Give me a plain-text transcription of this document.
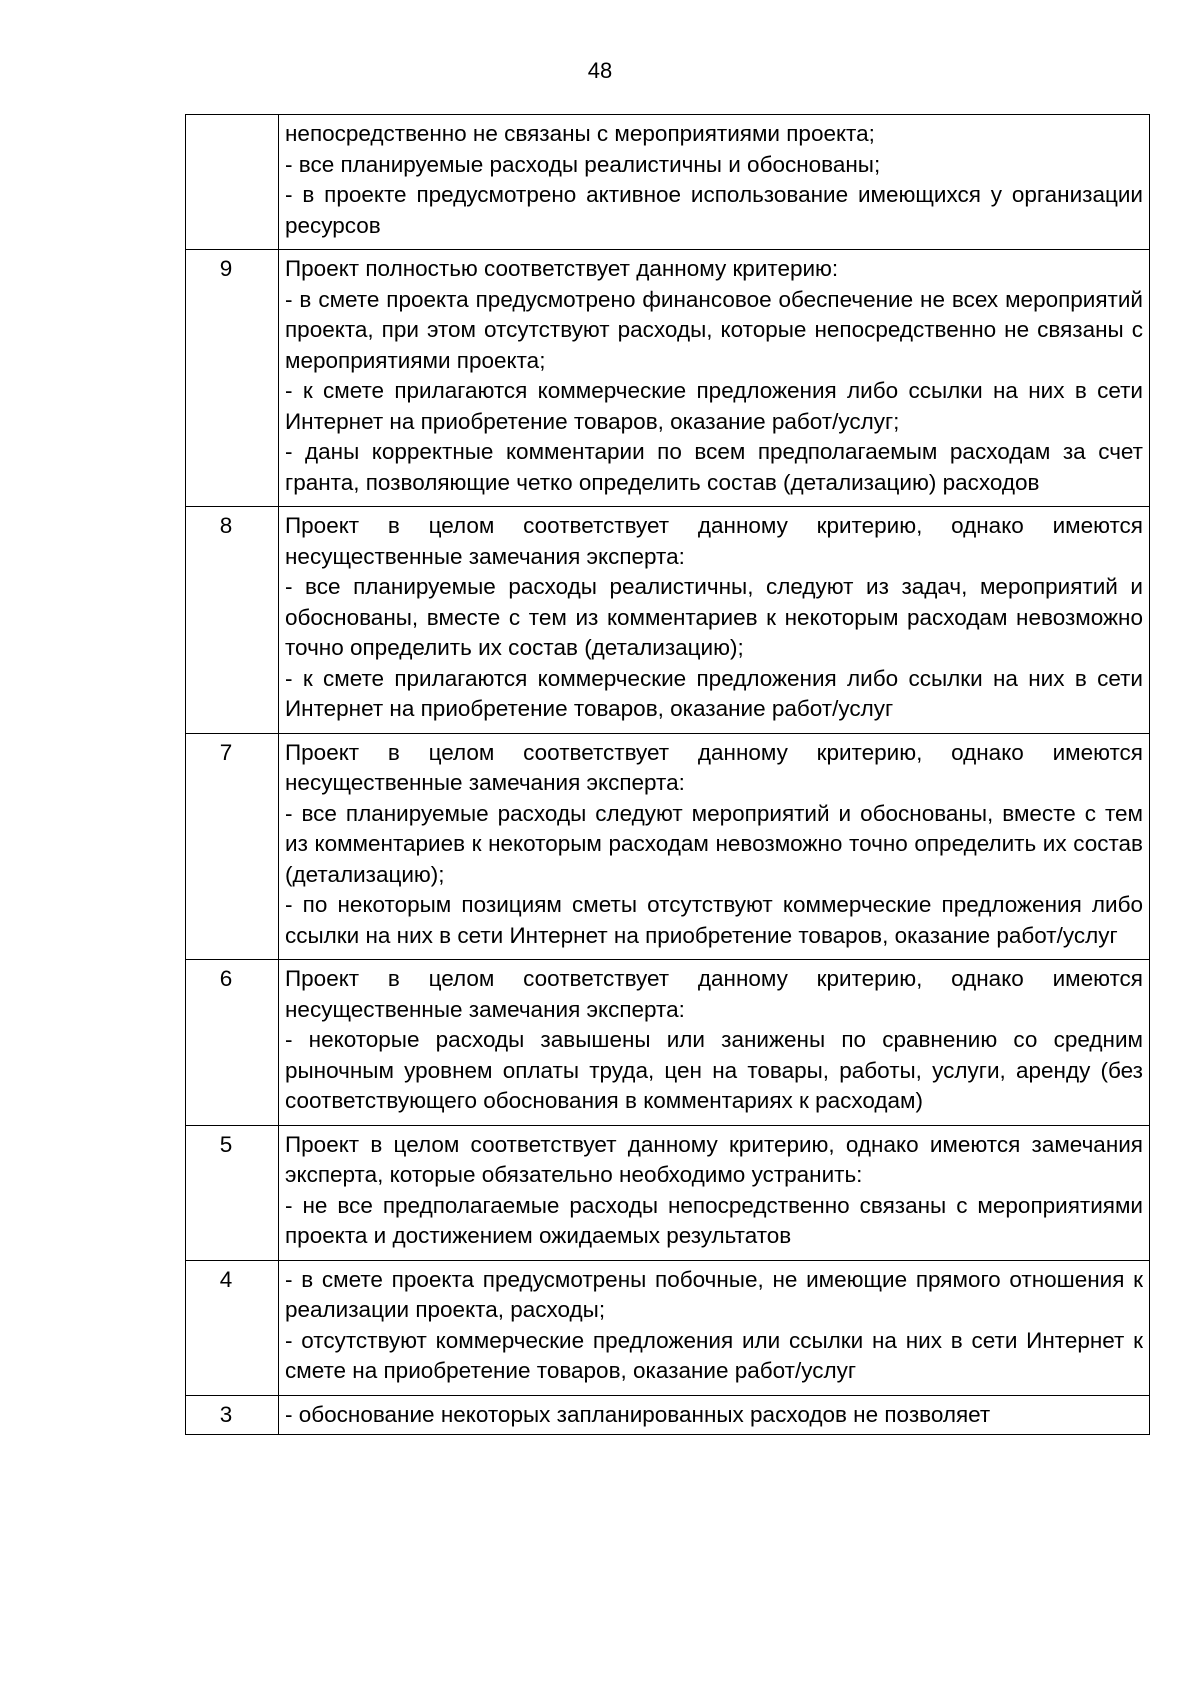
48

	непосредственно не связаны с мероприятиями проекта;
- все планируемые расходы реалистичны и обоснованы;
- в проекте предусмотрено активное использование имеющихся у организации ресурсов

9	Проект полностью соответствует данному критерию:
- в смете проекта предусмотрено финансовое обеспечение не всех мероприятий проекта, при этом отсутствуют расходы, которые непосредственно не связаны с мероприятиями проекта;
- к смете прилагаются коммерческие предложения либо ссылки на них в сети Интернет на приобретение товаров, оказание работ/услуг;
- даны корректные комментарии по всем предполагаемым расходам за счет гранта, позволяющие четко определить состав (детализацию) расходов

8	Проект в целом соответствует данному критерию, однако имеются несущественные замечания эксперта:
- все планируемые расходы реалистичны, следуют из задач, мероприятий и обоснованы, вместе с тем из комментариев к некоторым расходам невозможно точно определить их состав (детализацию);
- к смете прилагаются коммерческие предложения либо ссылки на них в сети Интернет на приобретение товаров, оказание работ/услуг

7	Проект в целом соответствует данному критерию, однако имеются несущественные замечания эксперта:
- все планируемые расходы следуют мероприятий и обоснованы, вместе с тем из комментариев к некоторым расходам невозможно точно определить их состав (детализацию);
- по некоторым позициям сметы отсутствуют коммерческие предложения либо ссылки на них в сети Интернет на приобретение товаров, оказание работ/услуг

6	Проект в целом соответствует данному критерию, однако имеются несущественные замечания эксперта:
- некоторые расходы завышены или занижены по сравнению со средним рыночным уровнем оплаты труда, цен на товары, работы, услуги, аренду (без соответствующего обоснования в комментариях к расходам)

5	Проект в целом соответствует данному критерию, однако имеются замечания эксперта, которые обязательно необходимо устранить:
- не все предполагаемые расходы непосредственно связаны с мероприятиями проекта и достижением ожидаемых результатов

4	- в смете проекта предусмотрены побочные, не имеющие прямого отношения к реализации проекта, расходы;
- отсутствуют коммерческие предложения или ссылки на них в сети Интернет к смете на приобретение товаров, оказание работ/услуг

3	- обоснование некоторых запланированных расходов не позволяет
